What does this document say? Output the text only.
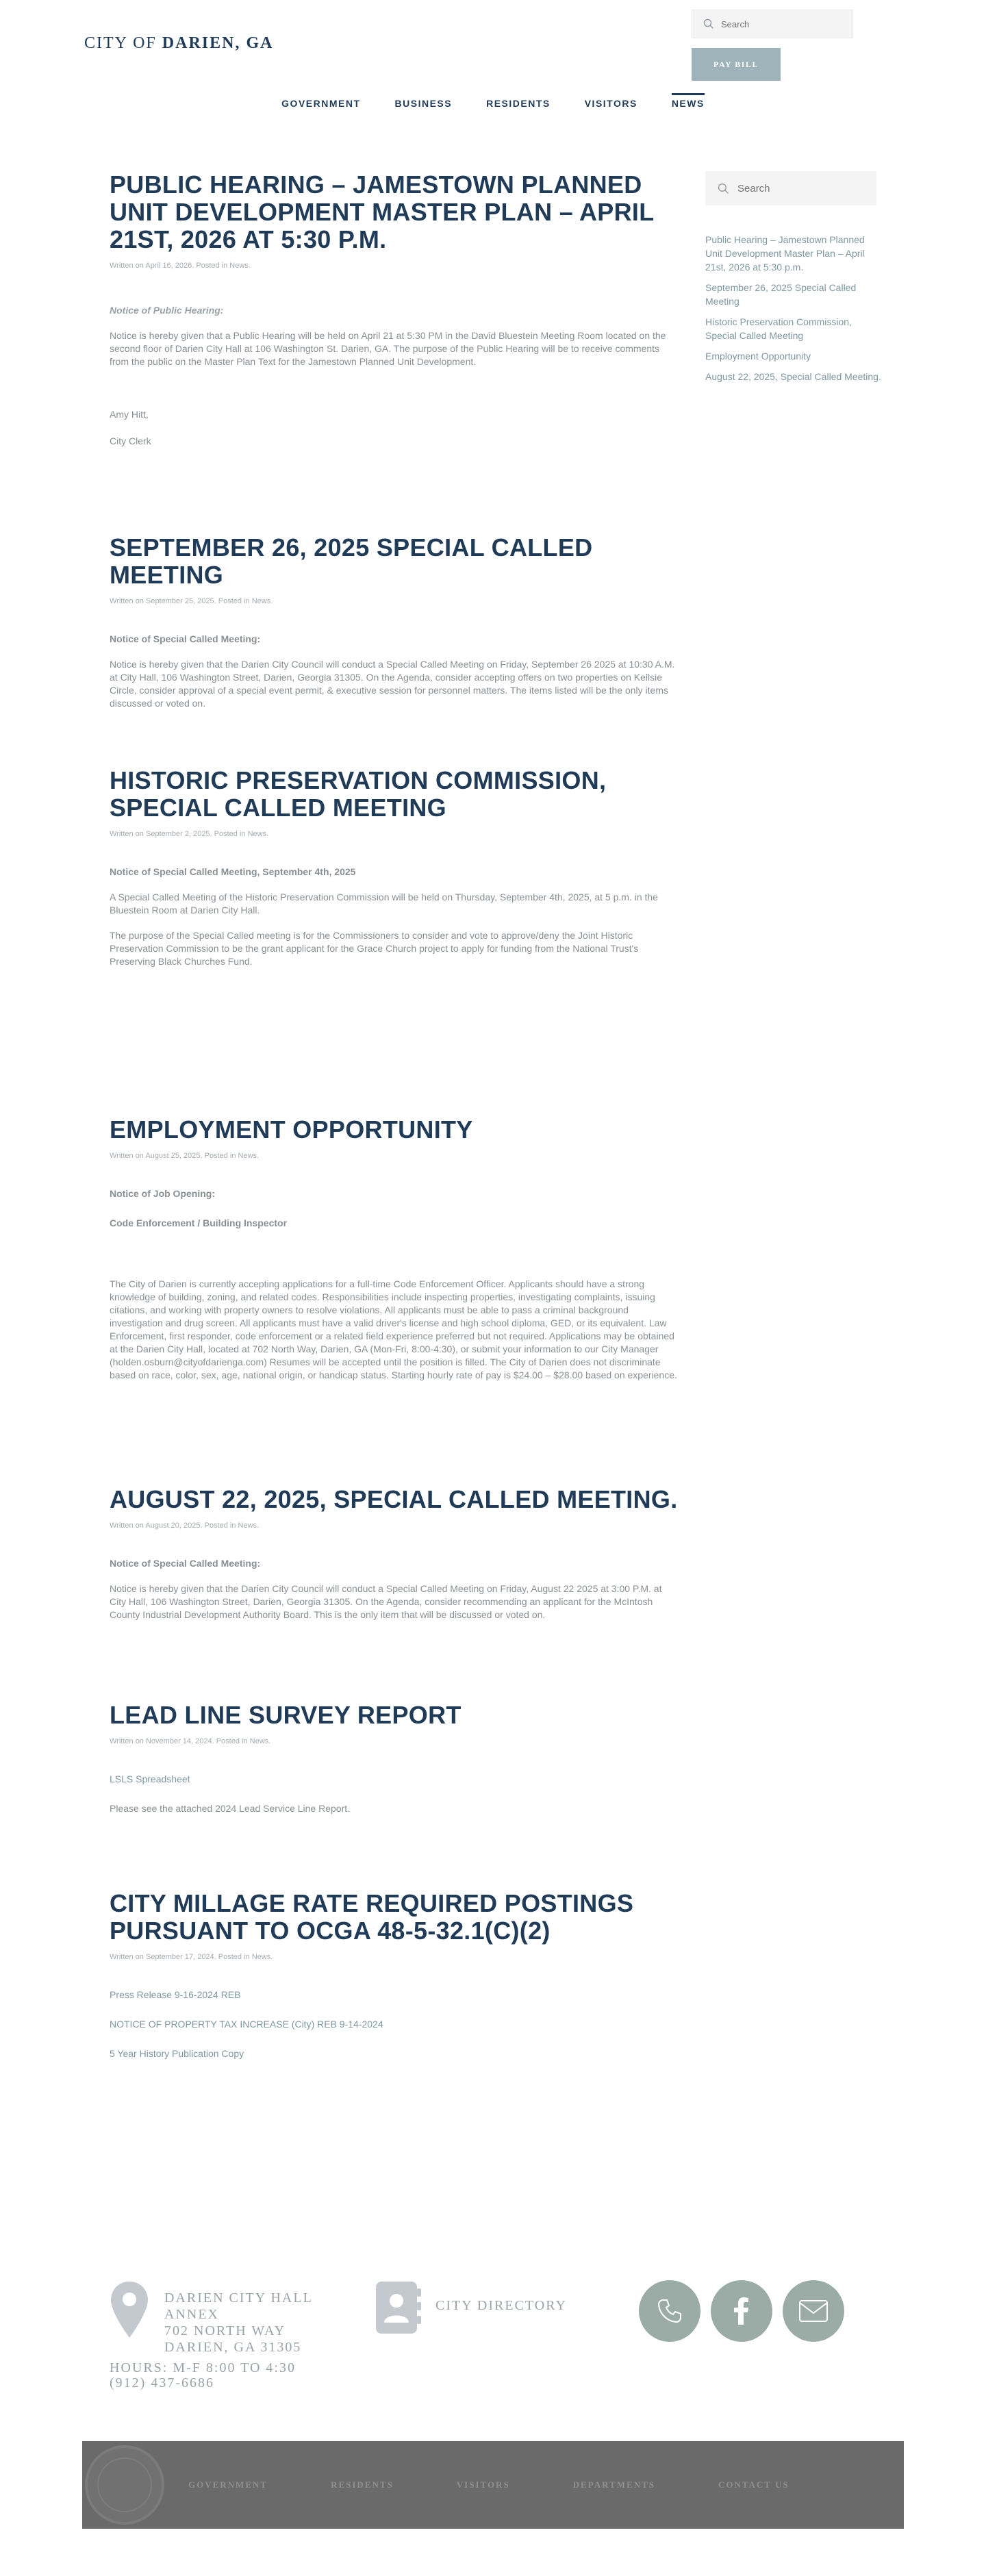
CITY OF DARIEN, GA
Search
PAY BILL
GOVERNMENT	BUSINESS	RESIDENTS	VISITORS	NEWS
PUBLIC HEARING – JAMESTOWN PLANNED UNIT DEVELOPMENT MASTER PLAN – APRIL 21ST, 2026 AT 5:30 P.M.
Written on April 16, 2026. Posted in News.

Notice of Public Hearing:

Notice is hereby given that a Public Hearing will be held on April 21 at 5:30 PM in the David Bluestein Meeting Room located on the second floor of Darien City Hall at 106 Washington St. Darien, GA. The purpose of the Public Hearing will be to receive comments from the public on the Master Plan Text for the Jamestown Planned Unit Development.

Amy Hitt,

City Clerk

SEPTEMBER 26, 2025 SPECIAL CALLED MEETING
Written on September 25, 2025. Posted in News.

Notice of Special Called Meeting:

Notice is hereby given that the Darien City Council will conduct a Special Called Meeting on Friday, September 26 2025 at 10:30 A.M. at City Hall, 106 Washington Street, Darien, Georgia 31305. On the Agenda, consider accepting offers on two properties on Kellsie Circle, consider approval of a special event permit, & executive session for personnel matters. The items listed will be the only items discussed or voted on.

HISTORIC PRESERVATION COMMISSION, SPECIAL CALLED MEETING
Written on September 2, 2025. Posted in News.

Notice of Special Called Meeting, September 4th, 2025

A Special Called Meeting of the Historic Preservation Commission will be held on Thursday, September 4th, 2025, at 5 p.m. in the Bluestein Room at Darien City Hall.

The purpose of the Special Called meeting is for the Commissioners to consider and vote to approve/deny the Joint Historic Preservation Commission to be the grant applicant for the Grace Church project to apply for funding from the National Trust's Preserving Black Churches Fund.

EMPLOYMENT OPPORTUNITY
Written on August 25, 2025. Posted in News.

Notice of Job Opening:

Code Enforcement / Building Inspector

The City of Darien is currently accepting applications for a full-time Code Enforcement Officer. Applicants should have a strong knowledge of building, zoning, and related codes. Responsibilities include inspecting properties, investigating complaints, issuing citations, and working with property owners to resolve violations. All applicants must be able to pass a criminal background investigation and drug screen. All applicants must have a valid driver's license and high school diploma, GED, or its equivalent. Law Enforcement, first responder, code enforcement or a related field experience preferred but not required. Applications may be obtained at the Darien City Hall, located at 702 North Way, Darien, GA (Mon-Fri, 8:00-4:30), or submit your information to our City Manager (holden.osburn@cityofdarienga.com) Resumes will be accepted until the position is filled. The City of Darien does not discriminate based on race, color, sex, age, national origin, or handicap status. Starting hourly rate of pay is $24.00 – $28.00 based on experience.

AUGUST 22, 2025, SPECIAL CALLED MEETING.
Written on August 20, 2025. Posted in News.

Notice of Special Called Meeting:

Notice is hereby given that the Darien City Council will conduct a Special Called Meeting on Friday, August 22 2025 at 3:00 P.M. at City Hall, 106 Washington Street, Darien, Georgia 31305. On the Agenda, consider recommending an applicant for the McIntosh County Industrial Development Authority Board. This is the only item that will be discussed or voted on.

LEAD LINE SURVEY REPORT
Written on November 14, 2024. Posted in News.

LSLS Spreadsheet

Please see the attached 2024 Lead Service Line Report.

CITY MILLAGE RATE REQUIRED POSTINGS PURSUANT TO OCGA 48-5-32.1(C)(2)
Written on September 17, 2024. Posted in News.

Press Release 9-16-2024 REB

NOTICE OF PROPERTY TAX INCREASE (City) REB 9-14-2024

5 Year History Publication Copy

Search
Public Hearing – Jamestown Planned Unit Development Master Plan – April 21st, 2026 at 5:30 p.m.
September 26, 2025 Special Called Meeting
Historic Preservation Commission, Special Called Meeting
Employment Opportunity
August 22, 2025, Special Called Meeting.
DARIEN CITY HALL
ANNEX
702 NORTH WAY
DARIEN, GA 31305
HOURS: M-F 8:00 TO 4:30
(912) 437-6686
CITY DIRECTORY
GOVERNMENT	RESIDENTS	VISITORS	DEPARTMENTS	CONTACT US
